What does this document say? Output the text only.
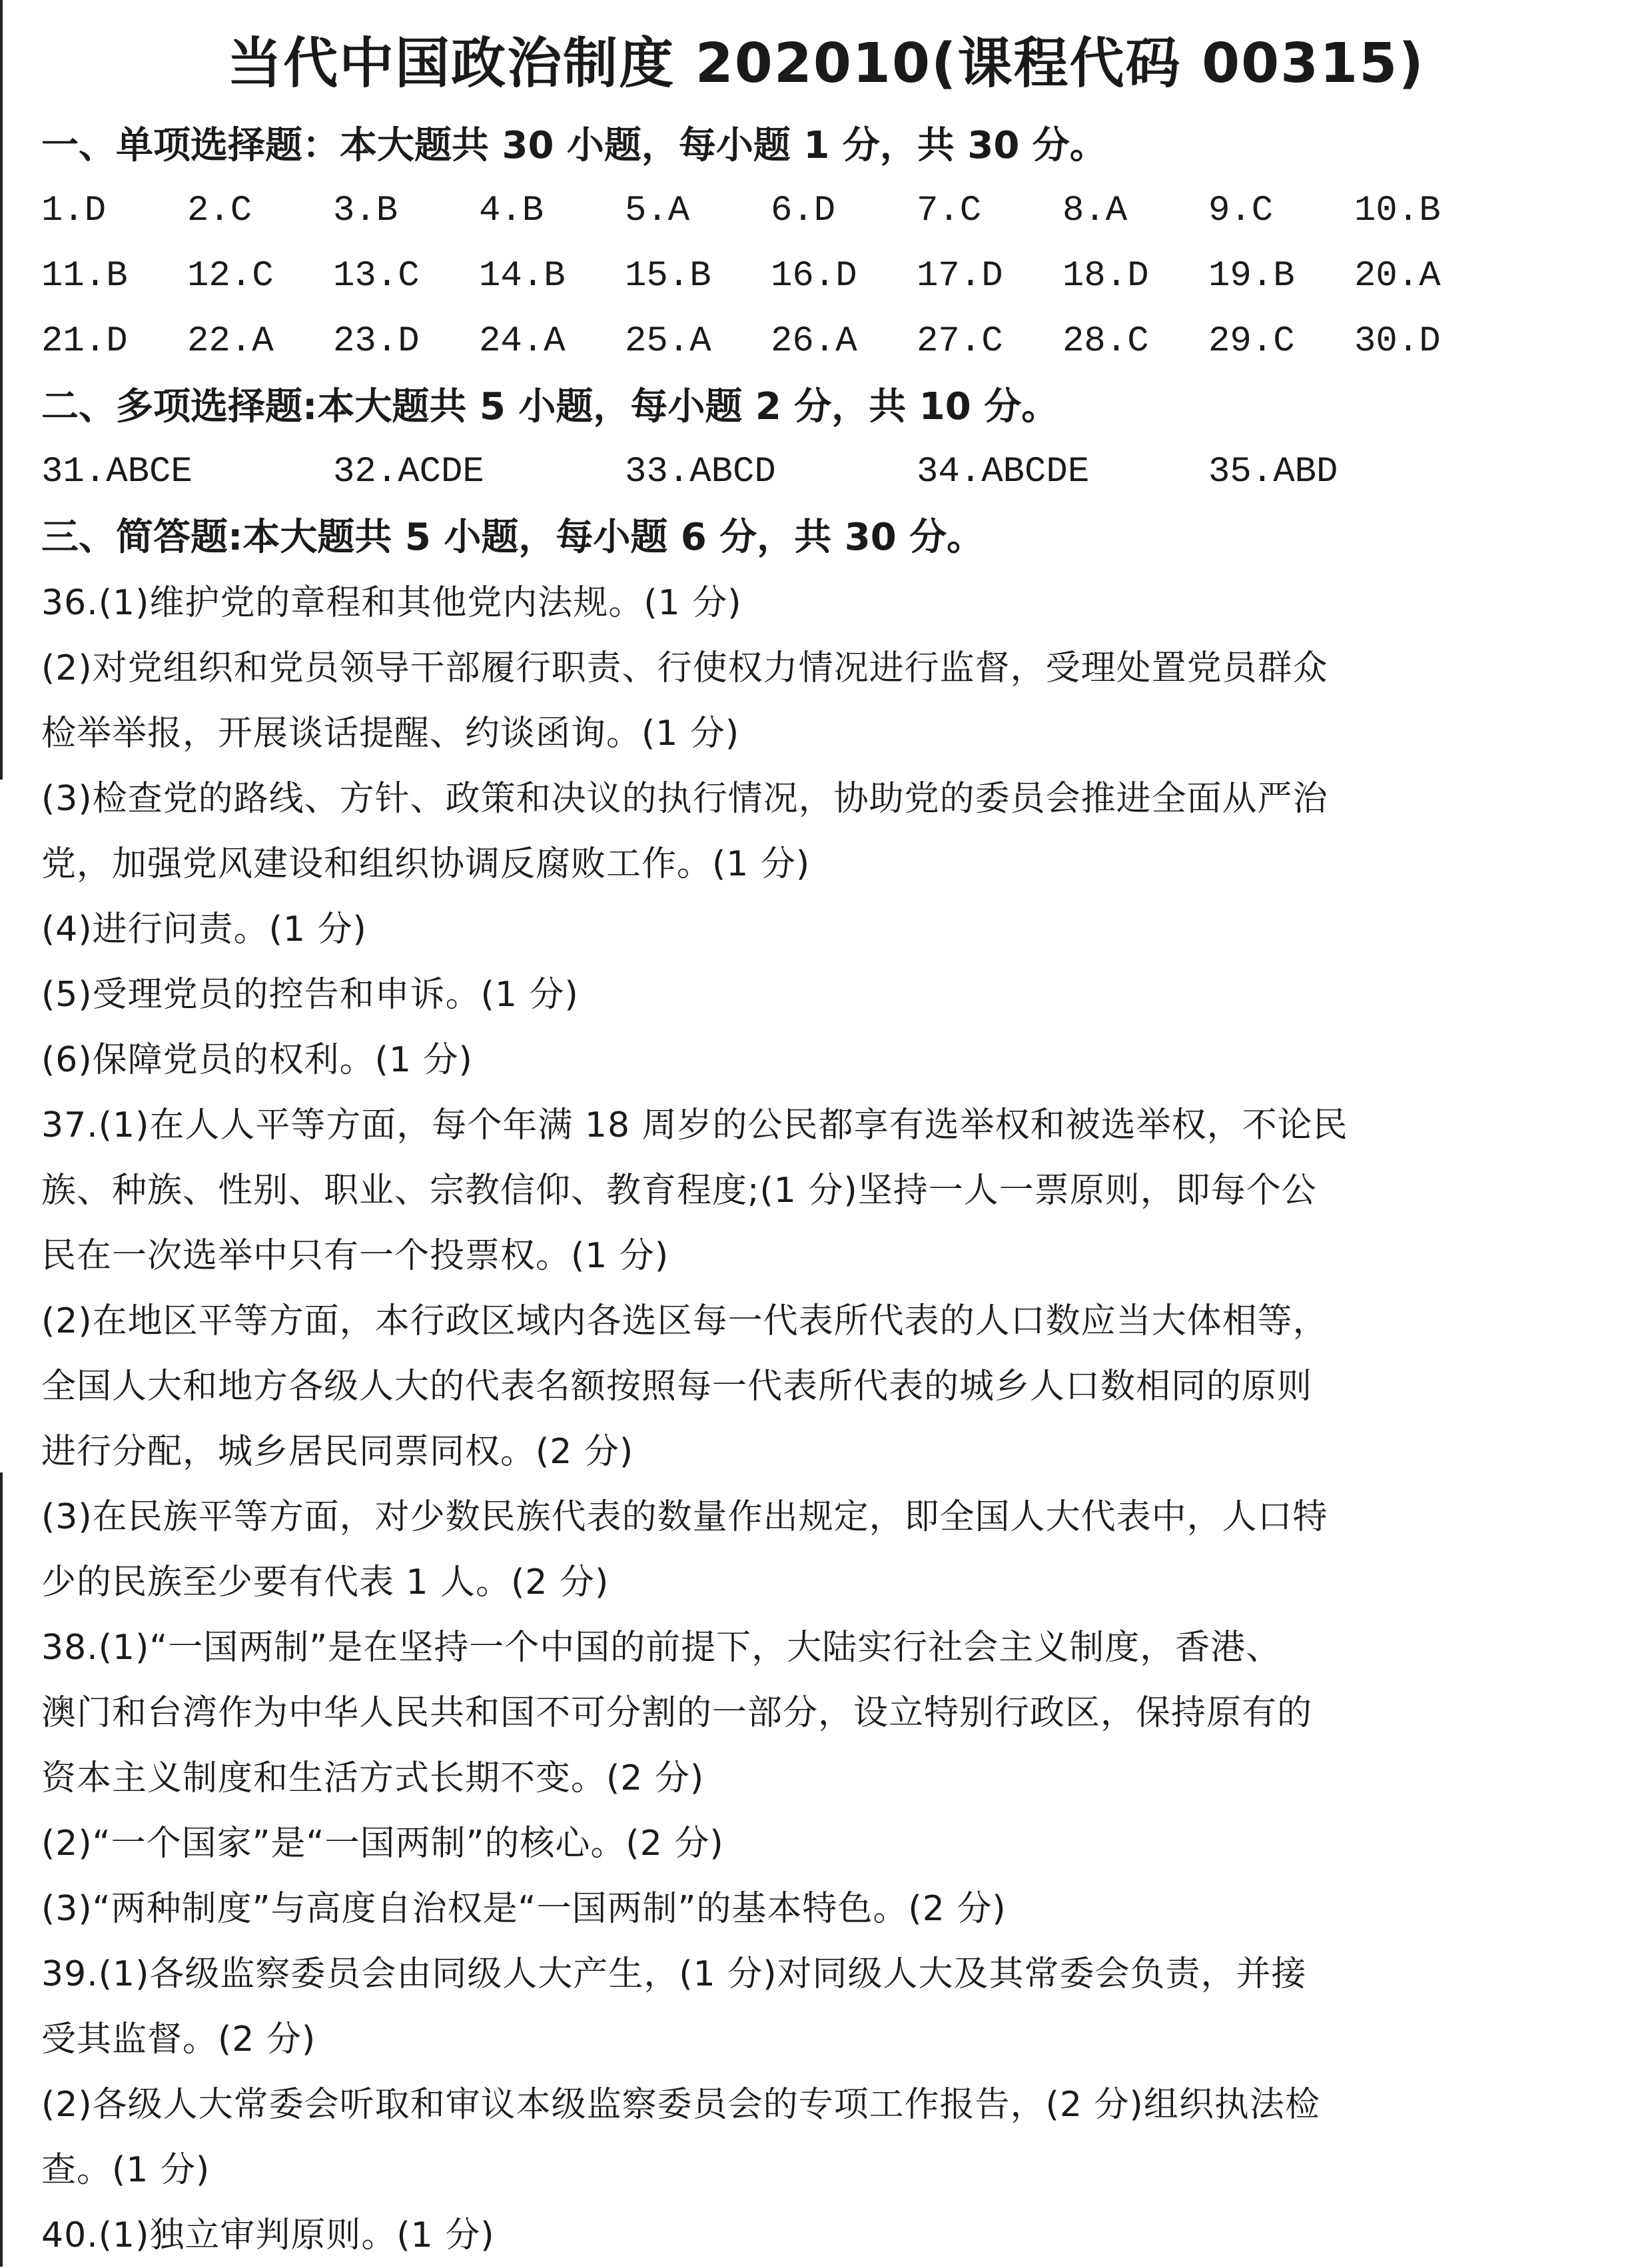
当代中国政治制度 202010(课程代码 00315)
一、单项选择题：本大题共 30 小题，每小题 1 分，共 30 分。
1.D	2.C	3.B	4.B	5.A	6.D	7.C	8.A	9.C	10.B
11.B	12.C	13.C	14.B	15.B	16.D	17.D	18.D	19.B	20.A
21.D	22.A	23.D	24.A	25.A	26.A	27.C	28.C	29.C	30.D
二、多项选择题:本大题共 5 小题，每小题 2 分，共 10 分。
31.ABCE	32.ACDE	33.ABCD	34.ABCDE	35.ABD
三、简答题:本大题共 5 小题，每小题 6 分，共 30 分。
36.(1)维护党的章程和其他党内法规。(1 分)
(2)对党组织和党员领导干部履行职责、行使权力情况进行监督，受理处置党员群众
检举举报，开展谈话提醒、约谈函询。(1 分)
(3)检查党的路线、方针、政策和决议的执行情况，协助党的委员会推进全面从严治
党，加强党风建设和组织协调反腐败工作。(1 分)
(4)进行问责。(1 分)
(5)受理党员的控告和申诉。(1 分)
(6)保障党员的权利。(1 分)
37.(1)在人人平等方面，每个年满 18 周岁的公民都享有选举权和被选举权，不论民
族、种族、性别、职业、宗教信仰、教育程度;(1 分)坚持一人一票原则，即每个公
民在一次选举中只有一个投票权。(1 分)
(2)在地区平等方面，本行政区域内各选区每一代表所代表的人口数应当大体相等，
全国人大和地方各级人大的代表名额按照每一代表所代表的城乡人口数相同的原则
进行分配，城乡居民同票同权。(2 分)
(3)在民族平等方面，对少数民族代表的数量作出规定，即全国人大代表中，人口特
少的民族至少要有代表 1 人。(2 分)
38.(1)“一国两制”是在坚持一个中国的前提下，大陆实行社会主义制度，香港、
澳门和台湾作为中华人民共和国不可分割的一部分，设立特别行政区，保持原有的
资本主义制度和生活方式长期不变。(2 分)
(2)“一个国家”是“一国两制”的核心。(2 分)
(3)“两种制度”与高度自治权是“一国两制”的基本特色。(2 分)
39.(1)各级监察委员会由同级人大产生，(1 分)对同级人大及其常委会负责，并接
受其监督。(2 分)
(2)各级人大常委会听取和审议本级监察委员会的专项工作报告，(2 分)组织执法检
查。(1 分)
40.(1)独立审判原则。(1 分)
